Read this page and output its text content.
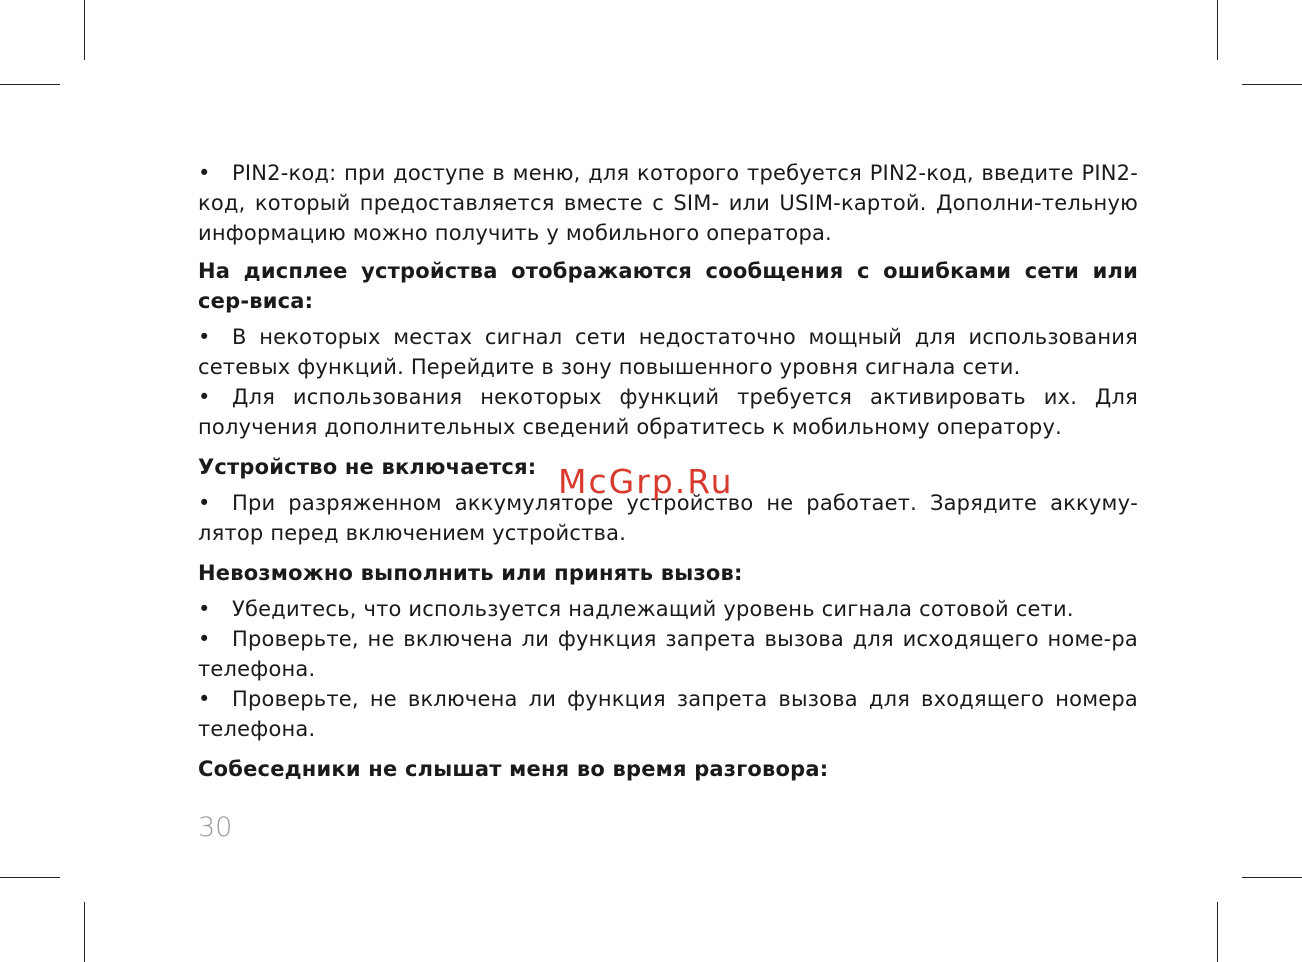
• PIN2-код: при доступе в меню, для которого требуется PIN2-код, введите PIN2-код, который предоставляется вместе с SIM- или USIM-картой. Дополни-тельную информацию можно получить у мобильного оператора.

На дисплее устройства отображаются сообщения с ошибками сети или сер-виса:

• В некоторых местах сигнал сети недостаточно мощный для использования сетевых функций. Перейдите в зону повышенного уровня сигнала сети.

• Для использования некоторых функций требуется активировать их. Для получения дополнительных сведений обратитесь к мобильному оператору.

Устройство не включается:

• При разряженном аккумуляторе устройство не работает. Зарядите аккуму-лятор перед включением устройства.

Невозможно выполнить или принять вызов:

• Убедитесь, что используется надлежащий уровень сигнала сотовой сети.

• Проверьте, не включена ли функция запрета вызова для исходящего номе-ра телефона.

• Проверьте, не включена ли функция запрета вызова для входящего номера телефона.

Собеседники не слышат меня во время разговора:
McGrp.Ru
30
